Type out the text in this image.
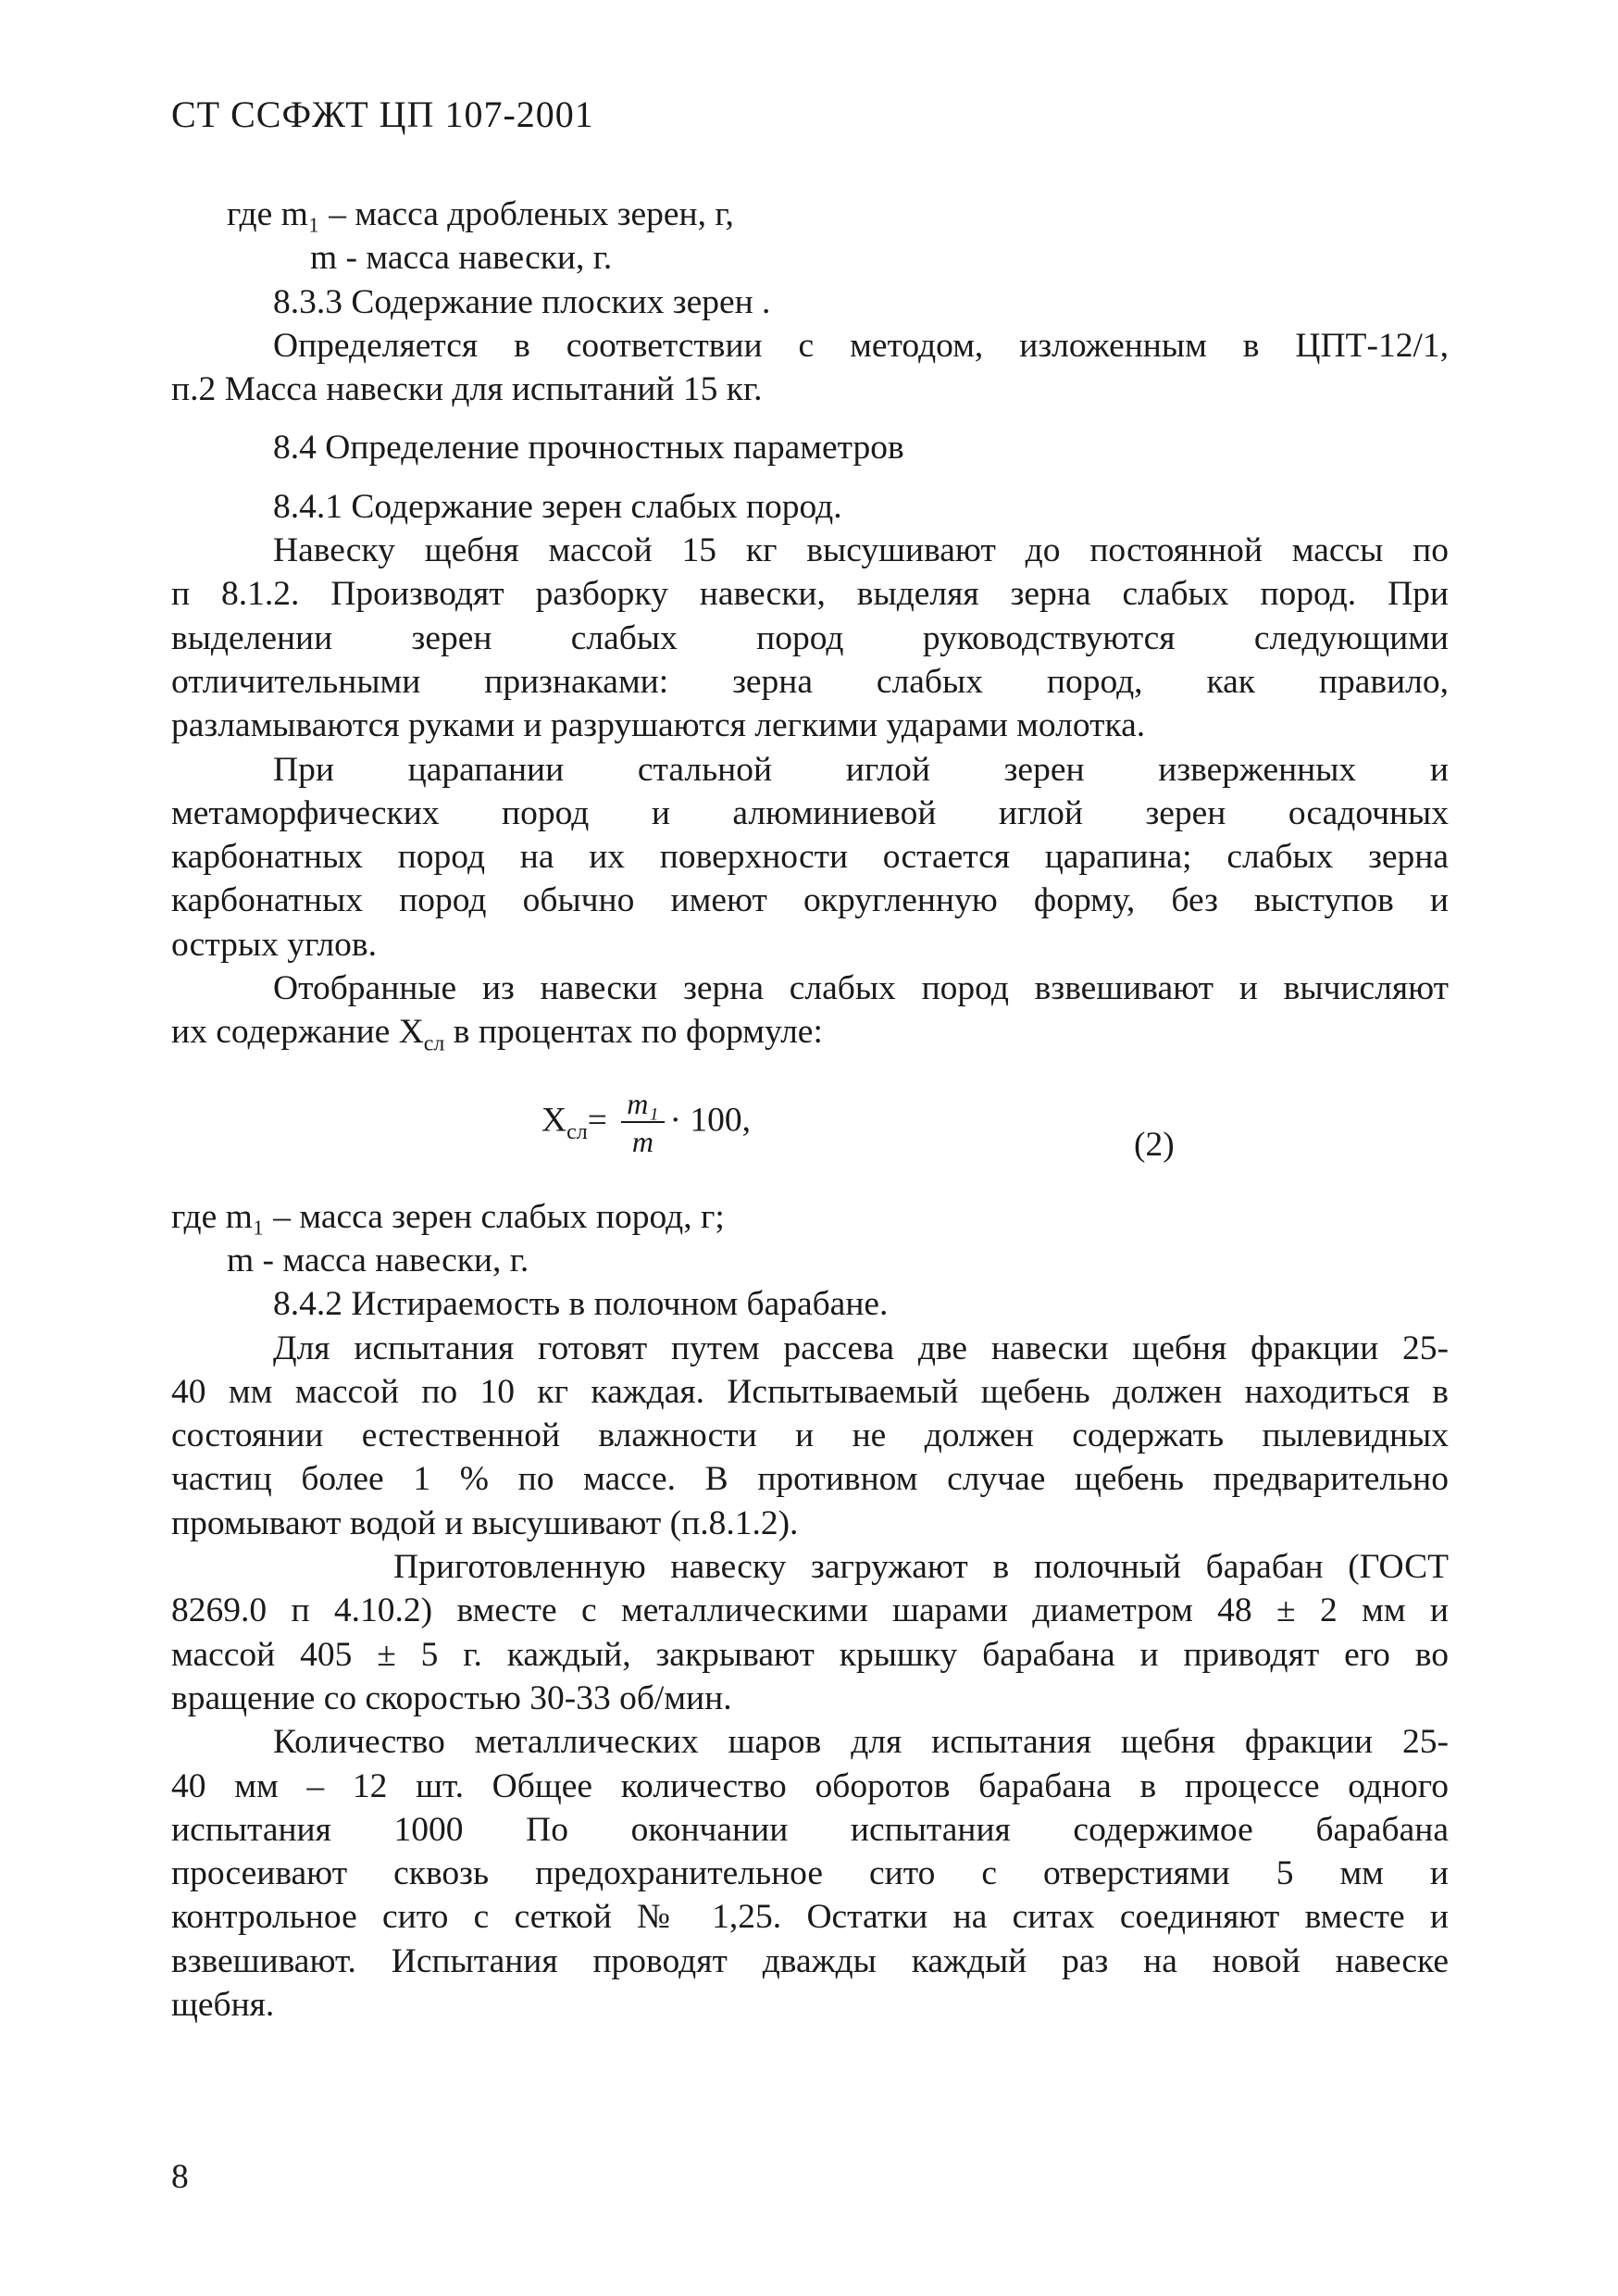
СТ ССФЖТ ЦП 107-2001
где m₁ – масса дробленых зерен, г,
m - масса навески, г.
8.3.3 Содержание плоских зерен .
Определяется в соответствии с методом, изложенным в ЦПТ-12/1,
п.2 Масса навески для испытаний 15 кг.
8.4 Определение прочностных параметров
8.4.1 Содержание зерен слабых пород.
Навеску щебня массой 15 кг высушивают до постоянной массы по
п 8.1.2. Производят разборку навески, выделяя зерна слабых пород. При
выделении зерен слабых пород руководствуются следующими
отличительными признаками: зерна слабых пород, как правило,
разламываются руками и разрушаются легкими ударами молотка.
При царапании стальной иглой зерен изверженных и
метаморфических пород и алюминиевой иглой зерен осадочных
карбонатных пород на их поверхности остается царапина; слабых зерна
карбонатных пород обычно имеют округленную форму, без выступов и
острых углов.
Отобранные из навески зерна слабых пород взвешивают и вычисляют
их содержание $X_{сл}$ в процентах по формуле:
$X_{сл}= \frac{\text{m₁}}{m} \cdot 100$,
(2)
где m₁ – масса зерен слабых пород, г;
m - масса навески, г.
8.4.2 Истираемость в полочном барабане.
Для испытания готовят путем рассева две навески щебня фракции 25-
40 мм массой по 10 кг каждая. Испытываемый щебень должен находиться в
состоянии естественной влажности и не должен содержать пылевидных
частиц более 1 % по массе. В противном случае щебень предварительно
промывают водой и высушивают (п.8.1.2).
Приготовленную навеску загружают в полочный барабан (ГОСТ
8269.0 п 4.10.2) вместе с металлическими шарами диаметром 48 ± 2 мм и
массой 405 ± 5 г. каждый, закрывают крышку барабана и приводят его во
вращение со скоростью 30-33 об/мин.
Количество металлических шаров для испытания щебня фракции 25-
40 мм – 12 шт. Общее количество оборотов барабана в процессе одного
испытания 1000 По окончании испытания содержимое барабана
просеивают сквозь предохранительное сито с отверстиями 5 мм и
контрольное сито с сеткой № 1,25. Остатки на ситах соединяют вместе и
взвешивают. Испытания проводят дважды каждый раз на новой навеске
щебня.
8
